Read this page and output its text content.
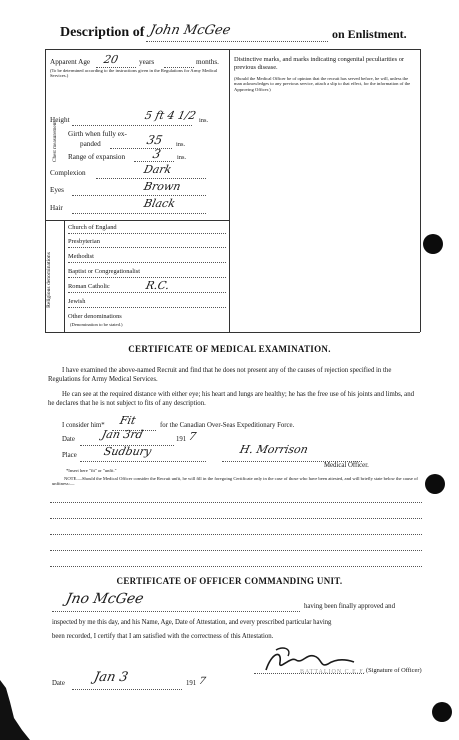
Description of John McGee	on Enlistment.
Apparent Age 20	years	months.
(To be determined according to the instructions given in the Regulations for Army Medical Services.)
Distinctive marks, and marks indicating congenital peculiarities or previous disease.
(Should the Medical Officer be of opinion that the recruit has served before, he will, unless the man acknowledges to any previous service, attach a slip to that effect, for the information of the Approving Officer.)
Height	5 ft 4 1/2 ins.
Chest measurement Girth when fully ex-
panded	35 ins.
Range of expansion 3 ins.
Complexion	Dark
Eyes	Brown
Hair	Black
Religious denominations
Church of England
Presbyterian
Methodist
Baptist or Congregationalist
Roman Catholic	R.C.
Jewish
Other denominations
(Denomination to be stated.)
CERTIFICATE OF MEDICAL EXAMINATION.
I have examined the above-named Recruit and find that he does not present any of the causes of rejection specified in the Regulations for Army Medical Services.
He can see at the required distance with either eye; his heart and lungs are healthy; he has the free use of his joints and limbs, and he declares that he is not subject to fits of any description.
I consider him* Fit	for the Canadian Over-Seas Expeditionary Force.
Date Jan 3rd	191 7
Place Sudbury	H. Morrison
Medical Officer.
*Insert here "fit" or "unfit."
NOTE.—Should the Medical Officer consider the Recruit unfit, he will fill in the foregoing Certificate only in the case of those who have been attested, and will briefly state below the cause of unfitness:—
CERTIFICATE OF OFFICER COMMANDING UNIT.
Jno McGee	having been finally approved and
inspected by me this day, and his Name, Age, Date of Attestation, and every prescribed particular having
been recorded, I certify that I am satisfied with the correctness of this Attestation.
BATTALION C.E.F. (Signature of Officer)
Date Jan 3	191 7
